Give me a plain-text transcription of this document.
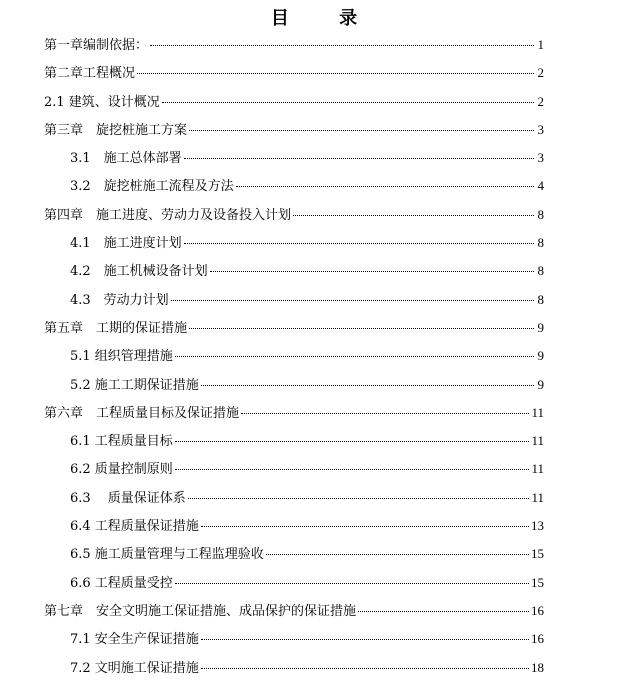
目 录
第一章编制依据：	1
第二章工程概况	2
2.1 建筑、设计概况	2
第三章　旋挖桩施工方案	3
3.1　施工总体部署	3
3.2　旋挖桩施工流程及方法	4
第四章　施工进度、劳动力及设备投入计划	8
4.1　施工进度计划	8
4.2　施工机械设备计划	8
4.3　劳动力计划	8
第五章　工期的保证措施	9
5.1 组织管理措施	9
5.2 施工工期保证措施	9
第六章　工程质量目标及保证措施	11
6.1 工程质量目标	11
6.2 质量控制原则	11
6.3　 质量保证体系	11
6.4 工程质量保证措施	13
6.5 施工质量管理与工程监理验收	15
6.6 工程质量受控	15
第七章　安全文明施工保证措施、成品保护的保证措施	16
7.1 安全生产保证措施	16
7.2 文明施工保证措施	18
